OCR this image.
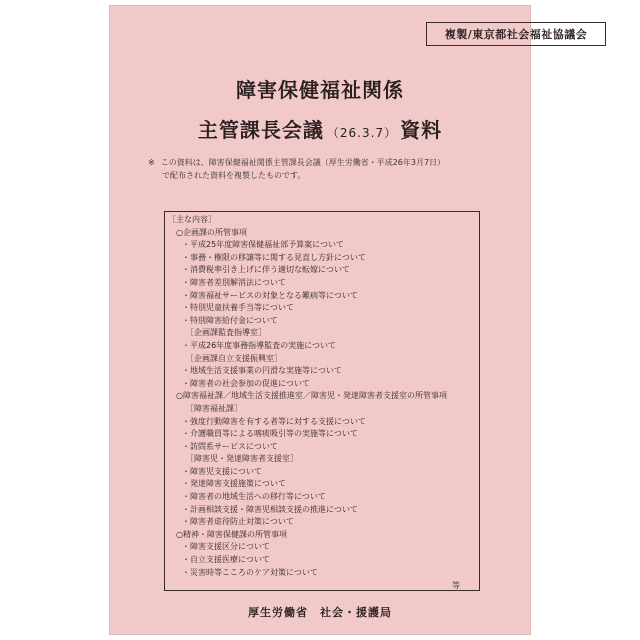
複製/東京都社会福祉協議会
障害保健福祉関係
主管課長会議 （26.3.7） 資料
※ この資料は、障害保健福祉関係主管課長会議（厚生労働省・平成26年3月7日）
で配布された資料を複製したものです。
［主な内容］
○企画課の所管事項
・平成25年度障害保健福祉部予算案について
・事務・権限の移譲等に関する見直し方針について
・消費税率引き上げに伴う適切な転嫁について
・障害者差別解消法について
・障害福祉サービスの対象となる難病等について
・特別児童扶養手当等について
・特別障害給付金について
［企画課監査指導室］
・平成26年度事務指導監査の実施について
［企画課自立支援振興室］
・地域生活支援事業の円滑な実施等について
・障害者の社会参加の促進について
○障害福祉課／地域生活支援推進室／障害児・発達障害者支援室の所管事項
［障害福祉課］
・強度行動障害を有する者等に対する支援について
・介護職員等による喀痰吸引等の実施等について
・訪問系サービスについて
［障害児・発達障害者支援室］
・障害児支援について
・発達障害支援施策について
・障害者の地域生活への移行等について
・計画相談支援・障害児相談支援の推進について
・障害者虐待防止対策について
○精神・障害保健課の所管事項
・障害支援区分について
・自立支援医療について
・災害時等こころのケア対策について
等
厚生労働省　社会・援護局
